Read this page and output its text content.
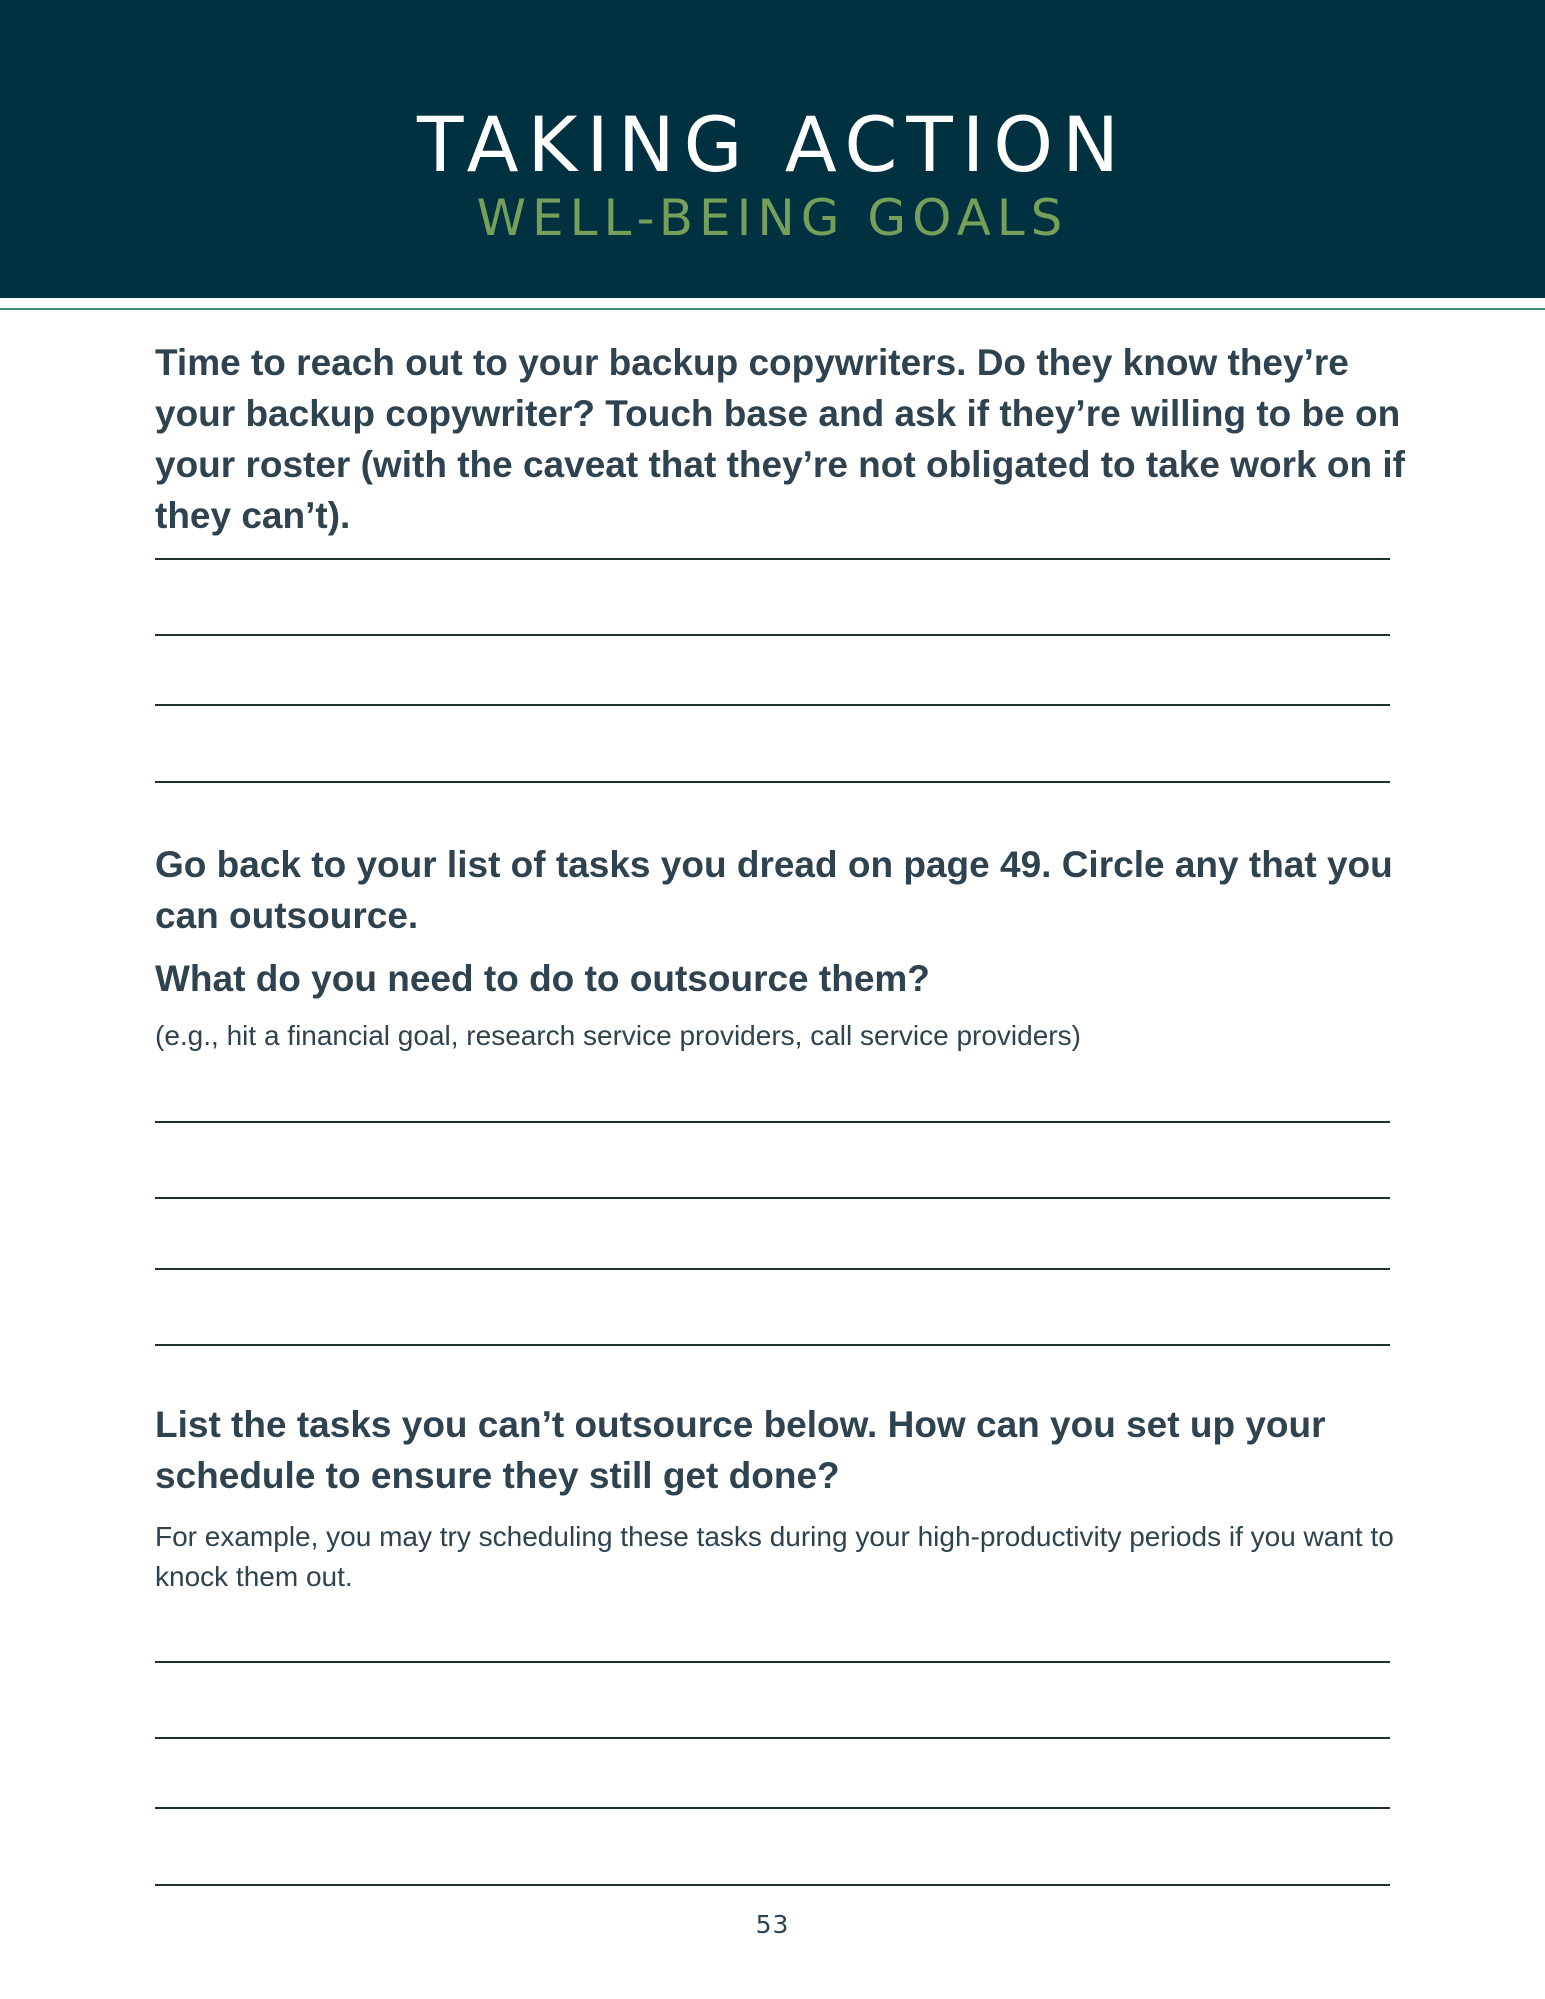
TAKING ACTION
WELL-BEING GOALS

Time to reach out to your backup copywriters. Do they know they’re your backup copywriter? Touch base and ask if they’re willing to be on your roster (with the caveat that they’re not obligated to take work on if they can’t).

Go back to your list of tasks you dread on page 49. Circle any that you can outsource.

What do you need to do to outsource them?

(e.g., hit a financial goal, research service providers, call service providers)

List the tasks you can’t outsource below. How can you set up your schedule to ensure they still get done?

For example, you may try scheduling these tasks during your high-productivity periods if you want to knock them out.

53
